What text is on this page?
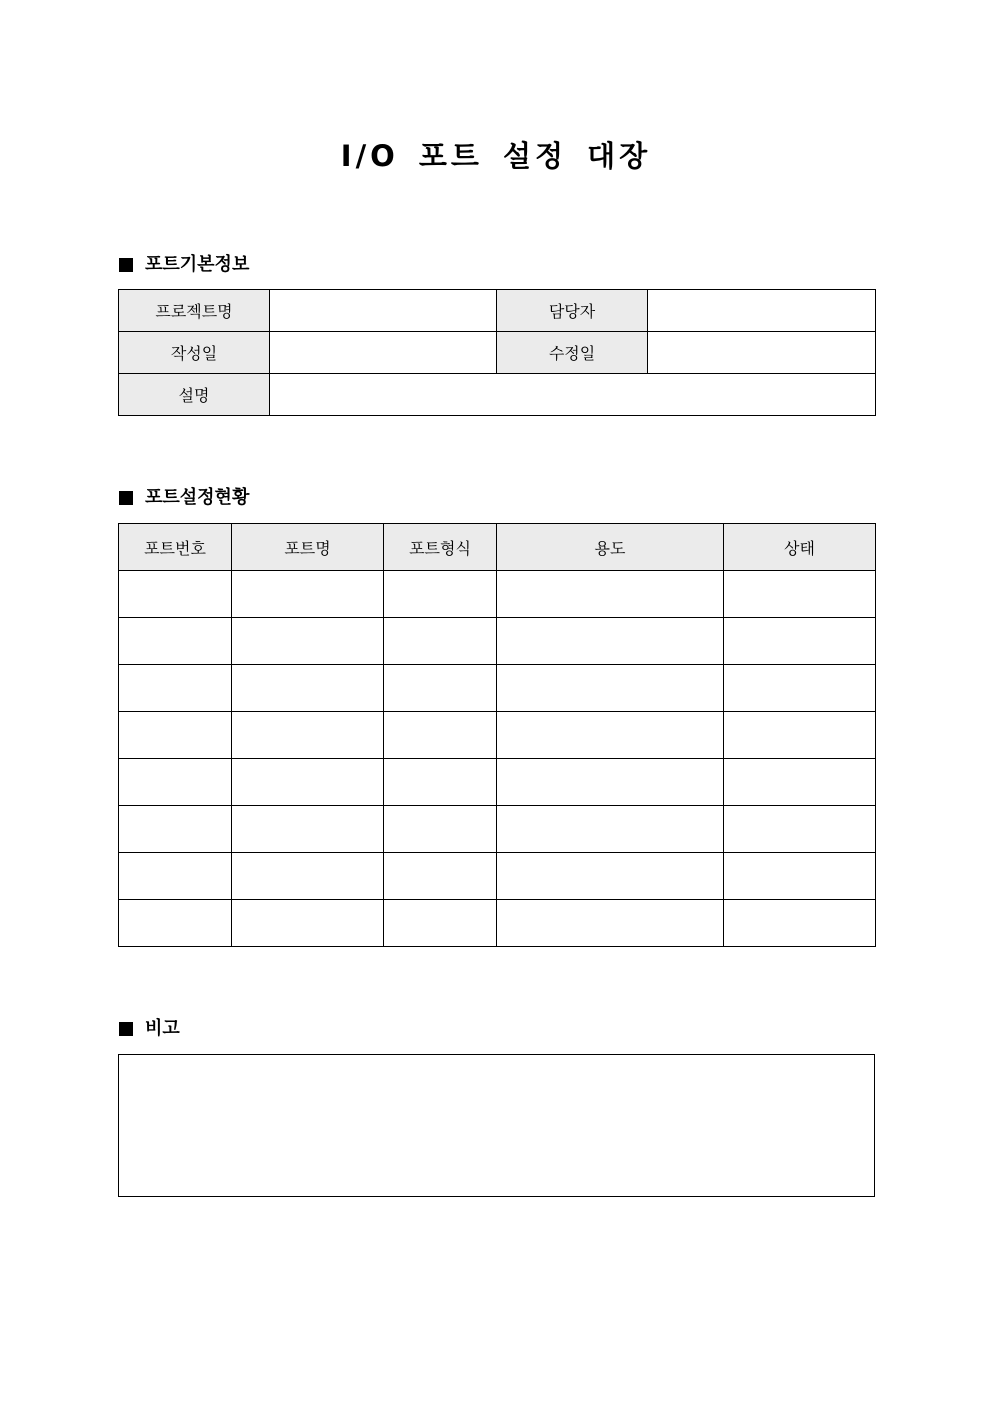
I/O 포트 설정 대장
포트기본정보
프로젝트명		담당자	
작성일		수정일	
설명			
포트설정현황
포트번호	포트명	포트형식	용도	상태

비고
